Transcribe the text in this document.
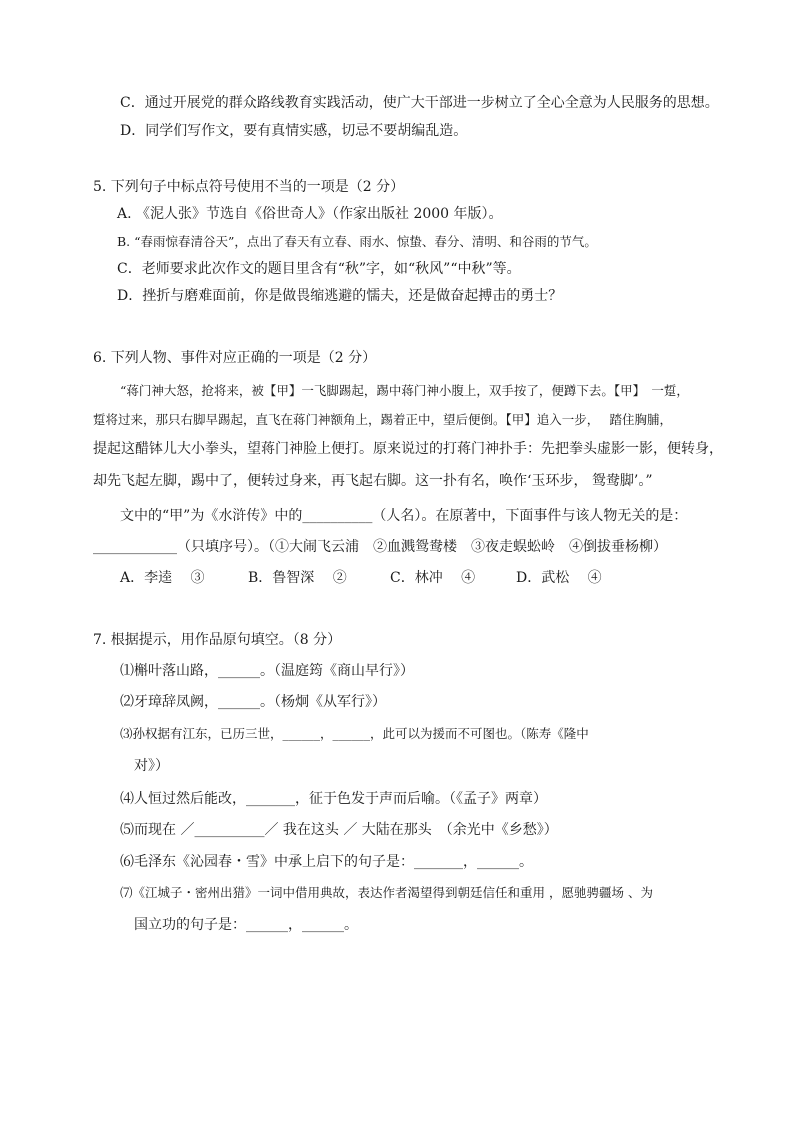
C．通过开展党的群众路线教育实践活动，使广大干部进一步树立了全心全意为人民服务的思想。
D．同学们写作文，要有真情实感，切忌不要胡编乱造。
5. 下列句子中标点符号使用不当的一项是（2 分）
A. 《泥人张》节选自《俗世奇人》（作家出版社 2000 年版）。
B. “春雨惊春清谷天”，点出了春天有立春、雨水、惊蛰、春分、清明、和谷雨的节气。
C．老师要求此次作文的题目里含有“秋”字，如“秋风”“中秋”等。
D．挫折与磨难面前，你是做畏缩逃避的懦夫，还是做奋起搏击的勇士？
6. 下列人物、事件对应正确的一项是（2 分）
“蒋门神大怒，抢将来，被【甲】一飞脚踢起，踢中蒋门神小腹上，双手按了，便蹲下去。【甲】　一踅，
踅将过来，那只右脚早踢起，直飞在蒋门神额角上，踢着正中，望后便倒。【甲】追入一步，　 踏住胸脯，
提起这醋钵儿大小拳头，望蒋门神脸上便打。原来说过的打蒋门神扑手：先把拳头虚影一影，便转身，
却先飞起左脚，踢中了，便转过身来，再飞起右脚。这一扑有名，唤作‘玉环步， 鸳鸯脚’。”
文中的“甲”为《水浒传》中的__________（人名）。在原著中，下面事件与该人物无关的是：
____________（只填序号）。（①大闹飞云浦　②血溅鸳鸯楼　③夜走蜈蚣岭　④倒拔垂杨柳）
A．李逵　 ③	B．鲁智深　 ②	C．林冲　 ④	D．武松　 ④
7. 根据提示，用作品原句填空。（8 分）
⑴槲叶落山路，______。（温庭筠《商山早行》）
⑵牙璋辞凤阙，______。（杨炯《从军行》）
⑶孙权据有江东，已历三世，______，______，此可以为援而不可图也。（陈寿《隆中
对》）
⑷人恒过然后能改，_______，征于色发于声而后喻。（《孟子》两章）
⑸而现在 ／__________／ 我在这头 ／ 大陆在那头　（余光中《乡愁》）
⑹毛泽东《沁园春・雪》中承上启下的句子是：_______，______。
⑺《江城子・密州出猎》一词中借用典故，表达作者渴望得到朝廷信任和重用 ，愿驰骋疆场 、为
国立功的句子是：______，______。
